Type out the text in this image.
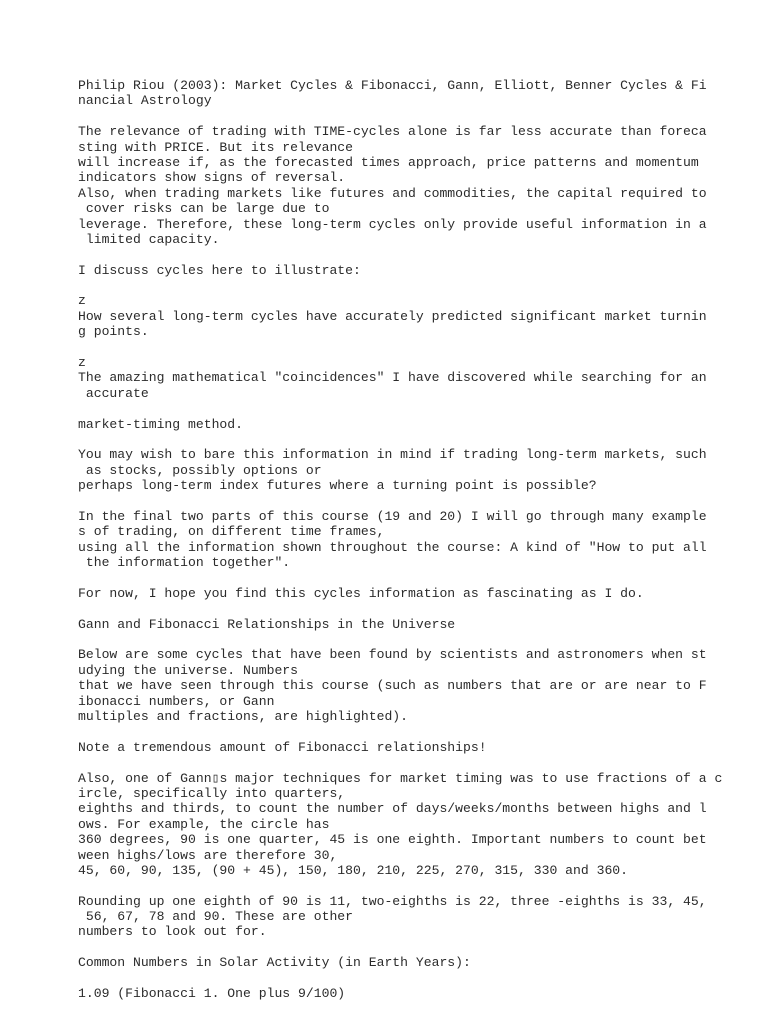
Philip Riou (2003): Market Cycles & Fibonacci, Gann, Elliott, Benner Cycles & Fi
nancial Astrology
The relevance of trading with TIME-cycles alone is far less accurate than foreca
sting with PRICE. But its relevance
will increase if, as the forecasted times approach, price patterns and momentum
indicators show signs of reversal.
Also, when trading markets like futures and commodities, the capital required to
cover risks can be large due to
leverage. Therefore, these long-term cycles only provide useful information in a
limited capacity.
I discuss cycles here to illustrate:
z
How several long-term cycles have accurately predicted significant market turnin
g points.
z
The amazing mathematical "coincidences" I have discovered while searching for an
accurate
market-timing method.
You may wish to bare this information in mind if trading long-term markets, such
as stocks, possibly options or
perhaps long-term index futures where a turning point is possible?
In the final two parts of this course (19 and 20) I will go through many example
s of trading, on different time frames,
using all the information shown throughout the course: A kind of "How to put all
the information together".
For now, I hope you find this cycles information as fascinating as I do.
Gann and Fibonacci Relationships in the Universe
Below are some cycles that have been found by scientists and astronomers when st
udying the universe. Numbers
that we have seen through this course (such as numbers that are or are near to F
ibonacci numbers, or Gann
multiples and fractions, are highlighted).
Note a tremendous amount of Fibonacci relationships!
Also, one of Gann▯s major techniques for market timing was to use fractions of a c
ircle, specifically into quarters,
eighths and thirds, to count the number of days/weeks/months between highs and l
ows. For example, the circle has
360 degrees, 90 is one quarter, 45 is one eighth. Important numbers to count bet
ween highs/lows are therefore 30,
45, 60, 90, 135, (90 + 45), 150, 180, 210, 225, 270, 315, 330 and 360.
Rounding up one eighth of 90 is 11, two-eighths is 22, three -eighths is 33, 45,
56, 67, 78 and 90. These are other
numbers to look out for.
Common Numbers in Solar Activity (in Earth Years):
1.09 (Fibonacci 1. One plus 9/100)
